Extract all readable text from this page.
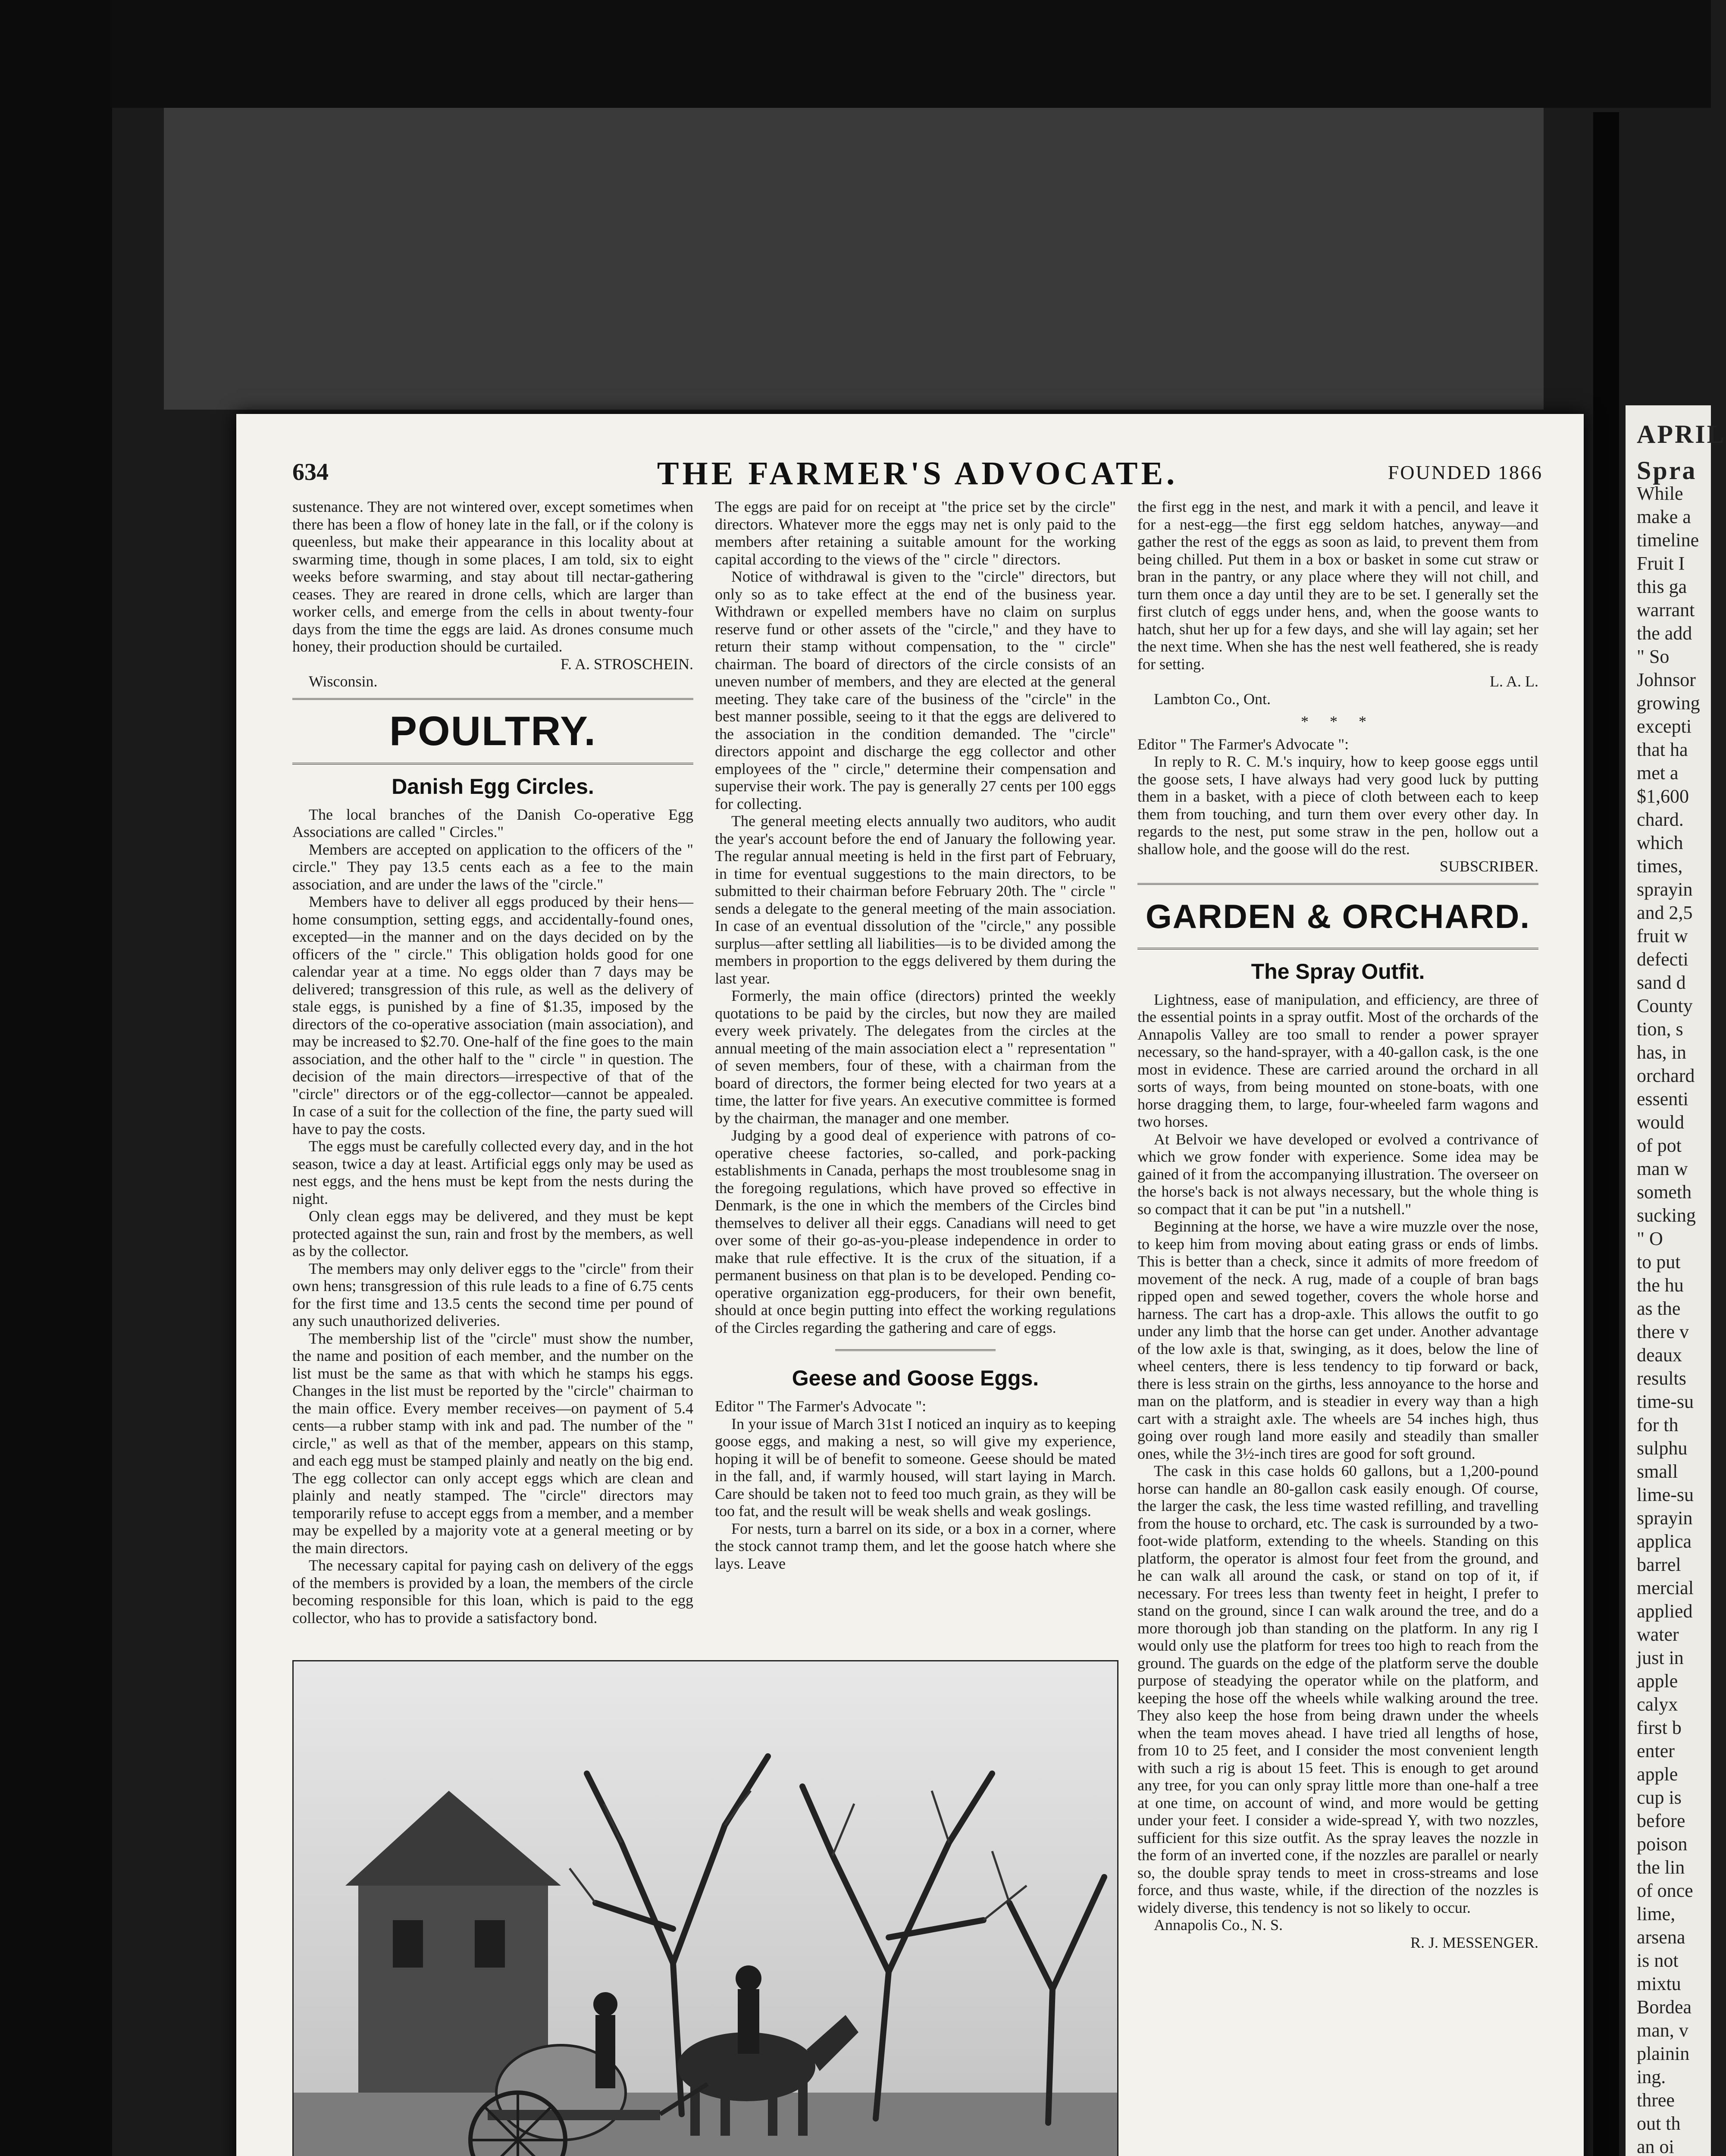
APRIL
Spra
While
make a
timeline
Fruit I
this ga
warrant
the add
" So
Johnsor
growing
excepti
that ha
met a
$1,600
chard.
which
times,
sprayin
and 2,5
fruit w
defecti
sand d
County
tion, s
has, in
orchard
essenti
would
of pot
man w
someth
sucking
" O
to put
the hu
as the
there v
deaux
results
time-su
for th
sulphu
small
lime-su
sprayin
applica
barrel
mercial
applied
water
just in
apple
calyx
first b
enter
apple
cup is
before
poison
the lin
of once
lime,
arsena
is not
mixtu
Bordea
man, v
plainin
ing.
three
out th
an oi
634	THE FARMER'S ADVOCATE.	FOUNDED 1866

sustenance. They are not wintered over, except sometimes when there has been a flow of honey late in the fall, or if the colony is queenless, but make their appearance in this locality about at swarming time, though in some places, I am told, six to eight weeks before swarming, and stay about till nectar-gathering ceases. They are reared in drone cells, which are larger than worker cells, and emerge from the cells in about twenty-four days from the time the eggs are laid. As drones consume much honey, their production should be curtailed.

F. A. STROSCHEIN.

Wisconsin.

POULTRY.
Danish Egg Circles.

The local branches of the Danish Co-operative Egg Associations are called " Circles."

Members are accepted on application to the officers of the " circle." They pay 13.5 cents each as a fee to the main association, and are under the laws of the "circle."

Members have to deliver all eggs produced by their hens—home consumption, setting eggs, and accidentally-found ones, excepted—in the manner and on the days decided on by the officers of the " circle." This obligation holds good for one calendar year at a time. No eggs older than 7 days may be delivered; transgression of this rule, as well as the delivery of stale eggs, is punished by a fine of $1.35, imposed by the directors of the co-operative association (main association), and may be increased to $2.70. One-half of the fine goes to the main association, and the other half to the " circle " in question. The decision of the main directors—irrespective of that of the "circle" directors or of the egg-collector—cannot be appealed. In case of a suit for the collection of the fine, the party sued will have to pay the costs.

The eggs must be carefully collected every day, and in the hot season, twice a day at least. Artificial eggs only may be used as nest eggs, and the hens must be kept from the nests during the night.

Only clean eggs may be delivered, and they must be kept protected against the sun, rain and frost by the members, as well as by the collector.

The members may only deliver eggs to the "circle" from their own hens; transgression of this rule leads to a fine of 6.75 cents for the first time and 13.5 cents the second time per pound of any such unauthorized deliveries.

The membership list of the "circle" must show the number, the name and position of each member, and the number on the list must be the same as that with which he stamps his eggs. Changes in the list must be reported by the "circle" chairman to the main office. Every member receives—on payment of 5.4 cents—a rubber stamp with ink and pad. The number of the " circle," as well as that of the member, appears on this stamp, and each egg must be stamped plainly and neatly on the big end. The egg collector can only accept eggs which are clean and plainly and neatly stamped. The "circle" directors may temporarily refuse to accept eggs from a member, and a member may be expelled by a majority vote at a general meeting or by the main directors.

The necessary capital for paying cash on delivery of the eggs of the members is provided by a loan, the members of the circle becoming responsible for this loan, which is paid to the egg collector, who has to provide a satisfactory bond.

The eggs are paid for on receipt at "the price set by the circle" directors. Whatever more the eggs may net is only paid to the members after retaining a suitable amount for the working capital according to the views of the " circle " directors.

Notice of withdrawal is given to the "circle" directors, but only so as to take effect at the end of the business year. Withdrawn or expelled members have no claim on surplus reserve fund or other assets of the "circle," and they have to return their stamp without compensation, to the " circle" chairman. The board of directors of the circle consists of an uneven number of members, and they are elected at the general meeting. They take care of the business of the "circle" in the best manner possible, seeing to it that the eggs are delivered to the association in the condition demanded. The "circle" directors appoint and discharge the egg collector and other employees of the " circle," determine their compensation and supervise their work. The pay is generally 27 cents per 100 eggs for collecting.

The general meeting elects annually two auditors, who audit the year's account before the end of January the following year. The regular annual meeting is held in the first part of February, in time for eventual suggestions to the main directors, to be submitted to their chairman before February 20th. The " circle " sends a delegate to the general meeting of the main association. In case of an eventual dissolution of the "circle," any possible surplus—after settling all liabilities—is to be divided among the members in proportion to the eggs delivered by them during the last year.

Formerly, the main office (directors) printed the weekly quotations to be paid by the circles, but now they are mailed every week privately. The delegates from the circles at the annual meeting of the main association elect a " representation " of seven members, four of these, with a chairman from the board of directors, the former being elected for two years at a time, the latter for five years. An executive committee is formed by the chairman, the manager and one member.

Judging by a good deal of experience with patrons of co-operative cheese factories, so-called, and pork-packing establishments in Canada, perhaps the most troublesome snag in the foregoing regulations, which have proved so effective in Denmark, is the one in which the members of the Circles bind themselves to deliver all their eggs. Canadians will need to get over some of their go-as-you-please independence in order to make that rule effective. It is the crux of the situation, if a permanent business on that plan is to be developed. Pending co-operative organization egg-producers, for their own benefit, should at once begin putting into effect the working regulations of the Circles regarding the gathering and care of eggs.

Geese and Goose Eggs.

Editor " The Farmer's Advocate ":

In your issue of March 31st I noticed an inquiry as to keeping goose eggs, and making a nest, so will give my experience, hoping it will be of benefit to someone. Geese should be mated in the fall, and, if warmly housed, will start laying in March. Care should be taken not to feed too much grain, as they will be too fat, and the result will be weak shells and weak goslings.

For nests, turn a barrel on its side, or a box in a corner, where the stock cannot tramp them, and let the goose hatch where she lays. Leave

the first egg in the nest, and mark it with a pencil, and leave it for a nest-egg—the first egg seldom hatches, anyway—and gather the rest of the eggs as soon as laid, to prevent them from being chilled. Put them in a box or basket in some cut straw or bran in the pantry, or any place where they will not chill, and turn them once a day until they are to be set. I generally set the first clutch of eggs under hens, and, when the goose wants to hatch, shut her up for a few days, and she will lay again; set her the next time. When she has the nest well feathered, she is ready for setting.

L. A. L.

Lambton Co., Ont.

* * *

Editor " The Farmer's Advocate ":

In reply to R. C. M.'s inquiry, how to keep goose eggs until the goose sets, I have always had very good luck by putting them in a basket, with a piece of cloth between each to keep them from touching, and turn them over every other day. In regards to the nest, put some straw in the pen, hollow out a shallow hole, and the goose will do the rest.

SUBSCRIBER.
GARDEN & ORCHARD.
The Spray Outfit.

Lightness, ease of manipulation, and efficiency, are three of the essential points in a spray outfit. Most of the orchards of the Annapolis Valley are too small to render a power sprayer necessary, so the hand-sprayer, with a 40-gallon cask, is the one most in evidence. These are carried around the orchard in all sorts of ways, from being mounted on stone-boats, with one horse dragging them, to large, four-wheeled farm wagons and two horses.

At Belvoir we have developed or evolved a contrivance of which we grow fonder with experience. Some idea may be gained of it from the accompanying illustration. The overseer on the horse's back is not always necessary, but the whole thing is so compact that it can be put "in a nutshell."

Beginning at the horse, we have a wire muzzle over the nose, to keep him from moving about eating grass or ends of limbs. This is better than a check, since it admits of more freedom of movement of the neck. A rug, made of a couple of bran bags ripped open and sewed together, covers the whole horse and harness. The cart has a drop-axle. This allows the outfit to go under any limb that the horse can get under. Another advantage of the low axle is that, swinging, as it does, below the line of wheel centers, there is less tendency to tip forward or back, there is less strain on the girths, less annoyance to the horse and man on the platform, and is steadier in every way than a high cart with a straight axle. The wheels are 54 inches high, thus going over rough land more easily and steadily than smaller ones, while the 3½-inch tires are good for soft ground.

The cask in this case holds 60 gallons, but a 1,200-pound horse can handle an 80-gallon cask easily enough. Of course, the larger the cask, the less time wasted refilling, and travelling from the house to orchard, etc. The cask is surrounded by a two-foot-wide platform, extending to the wheels. Standing on this platform, the operator is almost four feet from the ground, and he can walk all around the cask, or stand on top of it, if necessary. For trees less than twenty feet in height, I prefer to stand on the ground, since I can walk around the tree, and do a more thorough job than standing on the platform. In any rig I would only use the platform for trees too high to reach from the ground. The guards on the edge of the platform serve the double purpose of steadying the operator while on the platform, and keeping the hose off the wheels while walking around the tree. They also keep the hose from being drawn under the wheels when the team moves ahead. I have tried all lengths of hose, from 10 to 25 feet, and I consider the most convenient length with such a rig is about 15 feet. This is enough to get around any tree, for you can only spray little more than one-half a tree at one time, on account of wind, and more would be getting under your feet. I consider a wide-spread Y, with two nozzles, sufficient for this size outfit. As the spray leaves the nozzle in the form of an inverted cone, if the nozzles are parallel or nearly so, the double spray tends to meet in cross-streams and lose force, and thus waste, while, if the direction of the nozzles is widely diverse, this tendency is not so likely to occur.

Annapolis Co., N. S.

R. J. MESSENGER.
